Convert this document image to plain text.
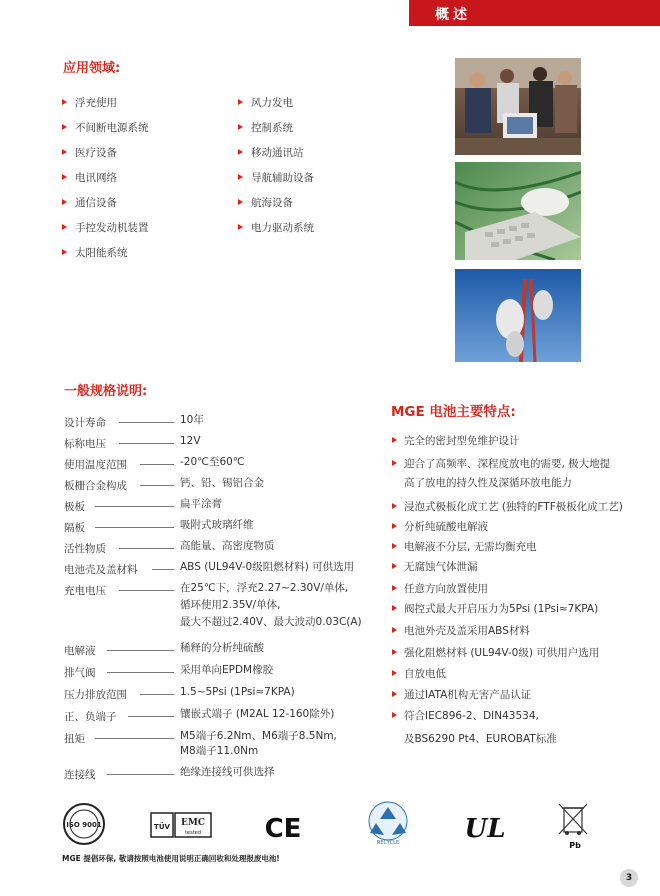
概述
应用领域:
浮充使用
不间断电源系统
医疗设备
电讯网络
通信设备
手控发动机装置
太阳能系统
风力发电
控制系统
移动通讯站
导航辅助设备
航海设备
电力驱动系统
一般规格说明:
设计寿命	10年
标称电压	12V
使用温度范围	-20℃至60℃
板栅合金构成	钙、铅、锡铝合金
极板	扁平涂膏
隔板	吸附式玻璃纤维
活性物质	高能量、高密度物质
电池壳及盖材料	ABS (UL94V-0级阻燃材料) 可供选用
充电电压	在25℃下，浮充2.27~2.30V/单体,
循环使用2.35V/单体,
最大不超过2.40V、最大波动0.03C(A)
电解液	稀释的分析纯硫酸
排气阀	采用单向EPDM橡胶
压力排放范围	1.5~5Psi (1Psi≈7KPA)
正、负端子	镶嵌式端子 (M2AL 12-160除外)
扭矩	M5端子6.2Nm、M6端子8.5Nm,
M8端子11.0Nm
连接线	绝缘连接线可供选择
MGE 电池主要特点:
完全的密封型免维护设计
迎合了高频率、深程度放电的需要, 极大地提
高了放电的持久性及深循环放电能力
浸泡式极板化成工艺 (独特的FTF极板化成工艺)
分析纯硫酸电解液
电解液不分层, 无需均衡充电
无腐蚀气体泄漏
任意方向放置使用
阀控式最大开启压力为5Psi (1Psi≈7KPA)
电池外壳及盖采用ABS材料
强化阻燃材料 (UL94V-0级) 可供用户选用
自放电低
通过IATA机构无害产品认证
符合IEC896-2、DIN43534,
及BS6290 Pt4、EUROBAT标准
ISO 9001	TÜV EMC
tested CE	RECYCLE	UL
Pb
MGE 提倡环保, 敬请按照电池使用说明正确回收和处理报废电池!
3
